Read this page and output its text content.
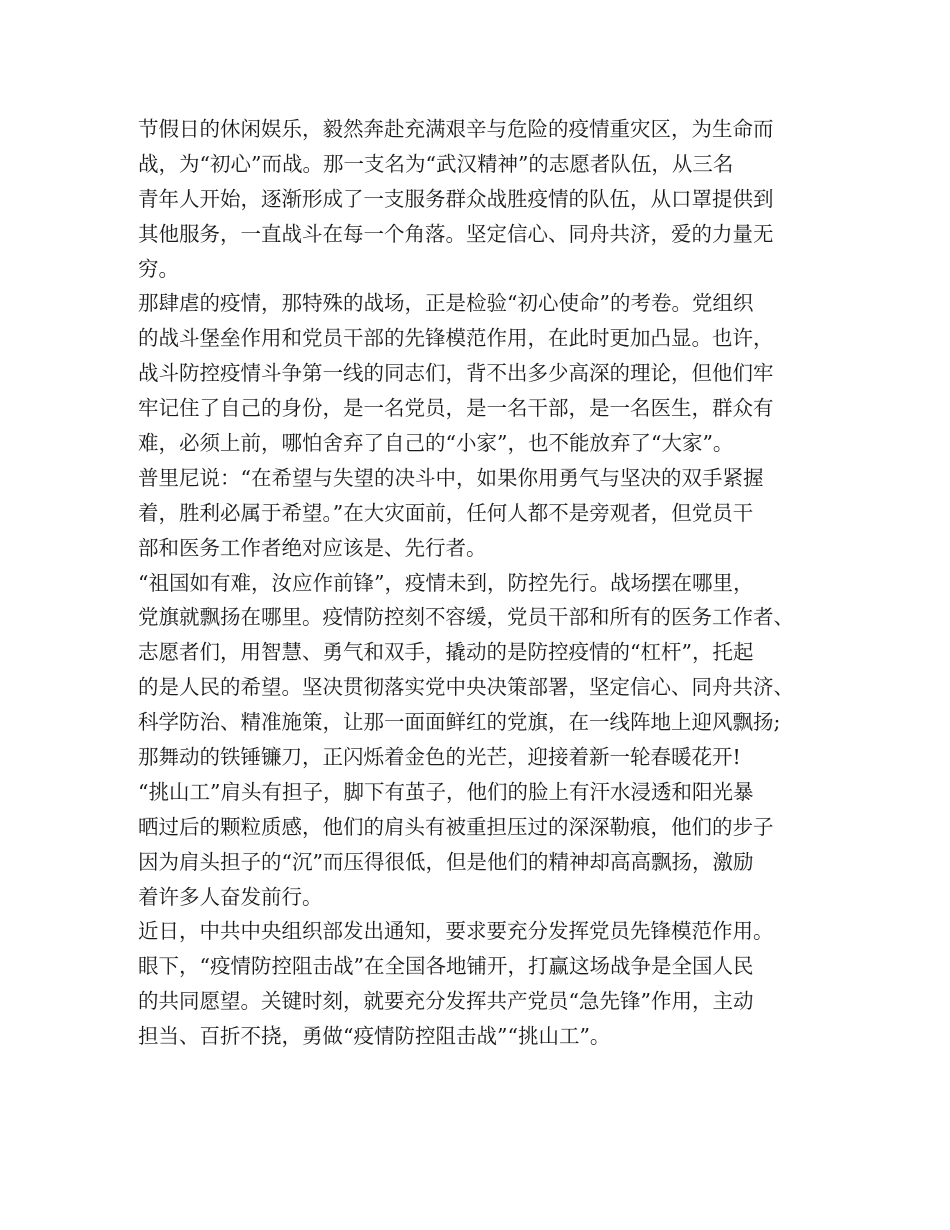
节假日的休闲娱乐，毅然奔赴充满艰辛与危险的疫情重灾区，为生命而
战，为“初心”而战。那一支名为“武汉精神”的志愿者队伍，从三名
青年人开始，逐渐形成了一支服务群众战胜疫情的队伍，从口罩提供到
其他服务，一直战斗在每一个角落。坚定信心、同舟共济，爱的力量无
穷。
那肆虐的疫情，那特殊的战场，正是检验“初心使命”的考卷。党组织
的战斗堡垒作用和党员干部的先锋模范作用，在此时更加凸显。也许，
战斗防控疫情斗争第一线的同志们，背不出多少高深的理论，但他们牢
牢记住了自己的身份，是一名党员，是一名干部，是一名医生，群众有
难，必须上前，哪怕舍弃了自己的“小家”，也不能放弃了“大家”。
普里尼说：“在希望与失望的决斗中，如果你用勇气与坚决的双手紧握
着，胜利必属于希望。”在大灾面前，任何人都不是旁观者，但党员干
部和医务工作者绝对应该是、先行者。
“祖国如有难，汝应作前锋”，疫情未到，防控先行。战场摆在哪里，
党旗就飘扬在哪里。疫情防控刻不容缓，党员干部和所有的医务工作者、
志愿者们，用智慧、勇气和双手，撬动的是防控疫情的“杠杆”，托起
的是人民的希望。坚决贯彻落实党中央决策部署，坚定信心、同舟共济、
科学防治、精准施策，让那一面面鲜红的党旗，在一线阵地上迎风飘扬;
那舞动的铁锤镰刀，正闪烁着金色的光芒，迎接着新一轮春暖花开!
“挑山工”肩头有担子，脚下有茧子，他们的脸上有汗水浸透和阳光暴
晒过后的颗粒质感，他们的肩头有被重担压过的深深勒痕，他们的步子
因为肩头担子的“沉”而压得很低，但是他们的精神却高高飘扬，激励
着许多人奋发前行。
近日，中共中央组织部发出通知，要求要充分发挥党员先锋模范作用。
眼下，“疫情防控阻击战”在全国各地铺开，打赢这场战争是全国人民
的共同愿望。关键时刻，就要充分发挥共产党员“急先锋”作用，主动
担当、百折不挠，勇做“疫情防控阻击战”“挑山工”。
